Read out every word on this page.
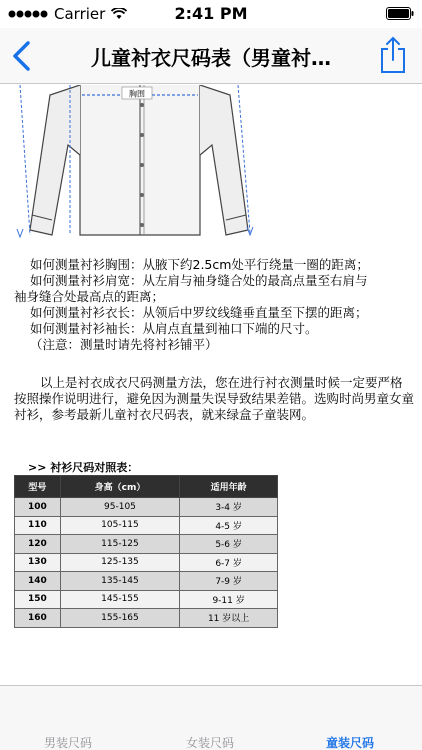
Carrier	2:41 PM
儿童衬衣尺码表（男童衬…
胸围

如何测量衬衫胸围：从腋下约2.5cm处平行绕量一圈的距离；

如何测量衬衫肩宽：从左肩与袖身缝合处的最高点量至右肩与

袖身缝合处最高点的距离；

如何测量衬衫衣长：从领后中罗纹线缝垂直量至下摆的距离；

如何测量衬衫袖长：从肩点直量到袖口下端的尺寸。

（注意：测量时请先将衬衫铺平）

以上是衬衣成衣尺码测量方法，您在进行衬衣测量时候一定要严格按照操作说明进行，避免因为测量失误导致结果差错。选购时尚男童女童衬衫，参考最新儿童衬衣尺码表，就来绿盒子童装网。

>> 衬衫尺码对照表：
型号	身高（cm）	适用年龄
100	95-105	3-4 岁
110	105-115	4-5 岁
120	115-125	5-6 岁
130	125-135	6-7 岁
140	135-145	7-9 岁
150	145-155	9-11 岁
160	155-165	11 岁以上
男装尺码	女装尺码	童装尺码
